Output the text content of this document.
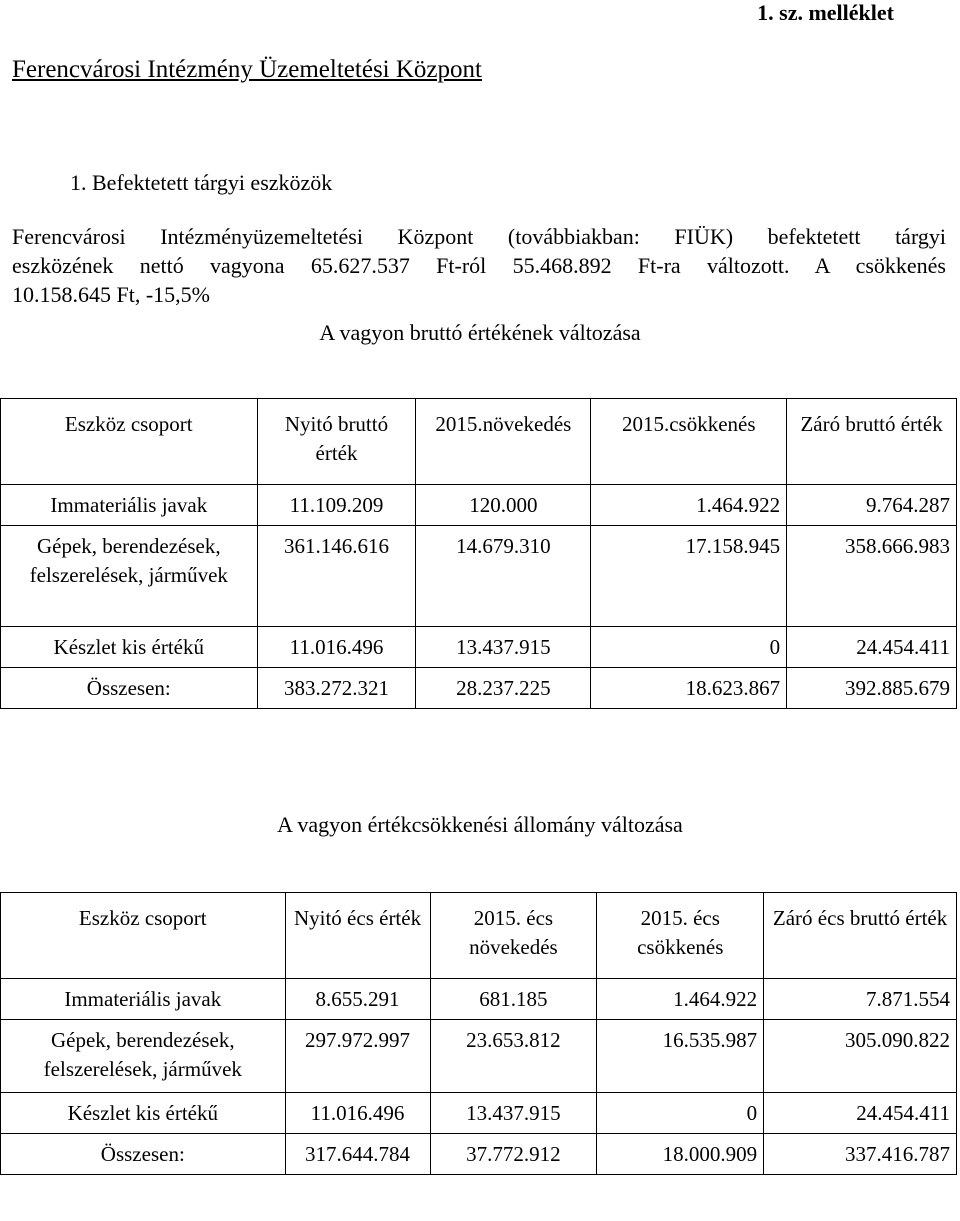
1. sz. melléklet
Ferencvárosi Intézmény Üzemeltetési Központ
1. Befektetett tárgyi eszközök
Ferencvárosi Intézményüzemeltetési Központ (továbbiakban: FIÜK) befektetett tárgyi
eszközének nettó vagyona 65.627.537 Ft-ról 55.468.892 Ft-ra változott. A csökkenés
10.158.645 Ft, -15,5%
A vagyon bruttó értékének változása
Eszköz csoport	Nyitó bruttó érték	2015.növekedés	2015.csökkenés	Záró bruttó érték
Immateriális javak	11.109.209	120.000	1.464.922	9.764.287
Gépek, berendezések, felszerelések, járművek	361.146.616	14.679.310	17.158.945	358.666.983
Készlet kis értékű	11.016.496	13.437.915	0	24.454.411
Összesen:	383.272.321	28.237.225	18.623.867	392.885.679
A vagyon értékcsökkenési állomány változása
Eszköz csoport	Nyitó écs érték	2015. écs növekedés	2015. écs csökkenés	Záró écs bruttó érték
Immateriális javak	8.655.291	681.185	1.464.922	7.871.554
Gépek, berendezések, felszerelések, járművek	297.972.997	23.653.812	16.535.987	305.090.822
Készlet kis értékű	11.016.496	13.437.915	0	24.454.411
Összesen:	317.644.784	37.772.912	18.000.909	337.416.787
